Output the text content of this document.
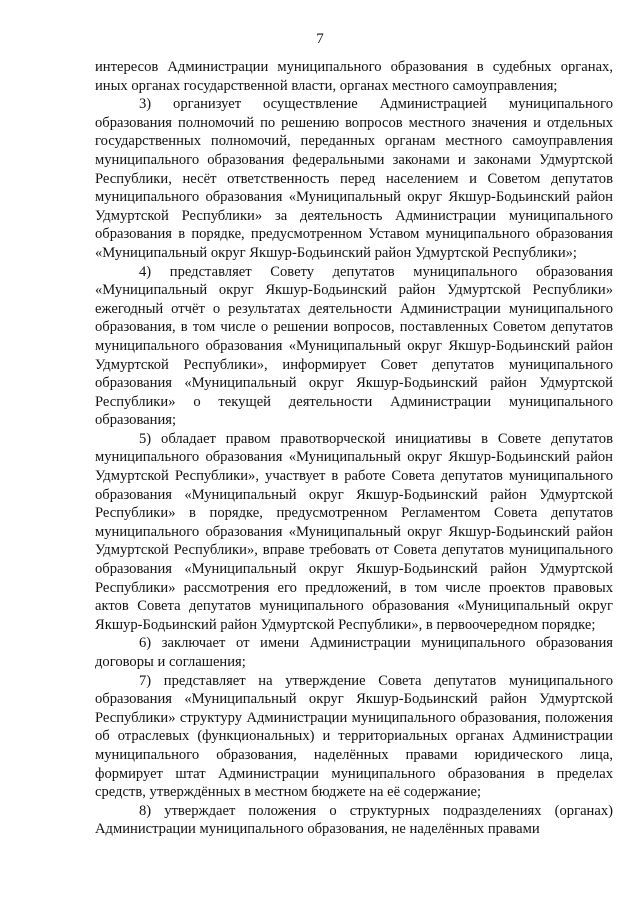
7

интересов Администрации муниципального образования в судебных органах, иных органах государственной власти, органах местного самоуправления;

3) организует осуществление Администрацией муниципального образования полномочий по решению вопросов местного значения и отдельных государственных полномочий, переданных органам местного самоуправления муниципального образования федеральными законами и законами Удмуртской Республики, несёт ответственность перед населением и Советом депутатов муниципального образования «Муниципальный округ Якшур-Бодьинский район Удмуртской Республики» за деятельность Администрации муниципального образования в порядке, предусмотренном Уставом муниципального образования «Муниципальный округ Якшур-Бодьинский район Удмуртской Республики»;

4) представляет Совету депутатов муниципального образования «Муниципальный округ Якшур-Бодьинский район Удмуртской Республики» ежегодный отчёт о результатах деятельности Администрации муниципального образования, в том числе о решении вопросов, поставленных Советом депутатов муниципального образования «Муниципальный округ Якшур-Бодьинский район Удмуртской Республики», информирует Совет депутатов муниципального образования «Муниципальный округ Якшур-Бодьинский район Удмуртской Республики» о текущей деятельности Администрации муниципального образования;

5) обладает правом правотворческой инициативы в Совете депутатов муниципального образования «Муниципальный округ Якшур-Бодьинский район Удмуртской Республики», участвует в работе Совета депутатов муниципального образования «Муниципальный округ Якшур-Бодьинский район Удмуртской Республики» в порядке, предусмотренном Регламентом Совета депутатов муниципального образования «Муниципальный округ Якшур-Бодьинский район Удмуртской Республики», вправе требовать от Совета депутатов муниципального образования «Муниципальный округ Якшур-Бодьинский район Удмуртской Республики» рассмотрения его предложений, в том числе проектов правовых актов Совета депутатов муниципального образования «Муниципальный округ Якшур-Бодьинский район Удмуртской Республики», в первоочередном порядке;

6) заключает от имени Администрации муниципального образования договоры и соглашения;

7) представляет на утверждение Совета депутатов муниципального образования «Муниципальный округ Якшур-Бодьинский район Удмуртской Республики» структуру Администрации муниципального образования, положения об отраслевых (функциональных) и территориальных органах Администрации муниципального образования, наделённых правами юридического лица, формирует штат Администрации муниципального образования в пределах средств, утверждённых в местном бюджете на её содержание;

8) утверждает положения о структурных подразделениях (органах) Администрации муниципального образования, не наделённых правами
